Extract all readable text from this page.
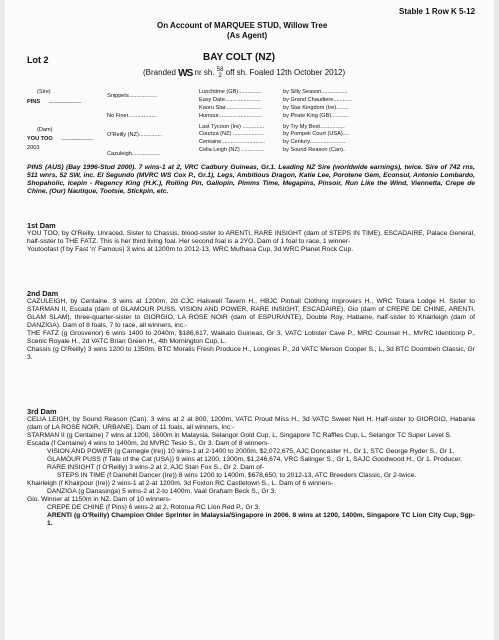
Stable 1 Row K 5-12
On Account of MARQUEE STUD, Willow Tree
(As Agent)
Lot 2	BAY COLT (NZ)
(Branded WS nr sh. 58
2 off sh. Foaled 12th October 2012)
(Sire)
PINS ..............................
(Dam)
YOU TOO ..............................
2003
Snippets..................
No Finer..................
O'Reilly (NZ)...............
Cazuleigh..................
Lunchtime (GB)...............
Easy Date.......................
Kaoru Star.......................
Humour............................
Last Tycoon (Ire) ..............
Courtza (NZ) ....................
Centaine............................
Celia Leigh (NZ) ...............
by Silly Season.................
by Grand Chaudiere............
by Star Kingdom (Ire)........
by Pirate King (GB)...........
by Try My Best................
by Pompeii Court (USA)....
by Century.......................
by Sound Reason (Can)..
PINS (AUS) (Bay 1996-Stud 2000). 7 wins-1 at 2, VRC Cadbury Guineas, Gr.1. Leading NZ Sire (worldwide earnings), twice. Sire of 742 rns, 511 wnrs, 52 SW, inc. El Segundo (MVRC WS Cox P., Gr.1), Legs, Ambitious Dragon, Katie Lee, Porotene Gem, Econsul, Antonio Lombardo, Shopaholic, Icepin - Regency King (H.K.), Rolling Pin, Gallopin, Pimms Time, Megapins, Pinsoir, Run Like the Wind, Viennetta, Crepe de Chine, (Our) Nautique, Tootsie, Stickpin, etc.
1st Dam
YOU TOO, by O'Reilly. Unraced. Sister to Chassis, blood-sister to ARENTI, RARE INSIGHT (dam of STEPS IN TIME), ESCADAIRE, Palace General, half-sister to THE FATZ. This is her third living foal. Her second foal is a 2YO. Dam of 1 foal to race, 1 winner-
Youtoofast (f by Fast 'n' Famous) 3 wins at 1200m to 2012-13, WRC Mufhasa Cup, 3d WRC Planet Rock Cup.
2nd Dam
CAZULEIGH, by Centaine. 3 wins at 1200m, 2d CJC Halswell Tavern H., HBJC Pinball Clothing Improvers H., WRC Totara Lodge H. Sister to STARMAN II, Escada (dam of GLAMOUR PUSS, VISION AND POWER, RARE INSIGHT, ESCADAIRE), Gio (dam of CREPE DE CHINE, ARENTI, GLAM SLAM), three-quarter-sister to GIORGIO, LA ROSE NOIR (dam of ESPURANTE), Double Roy, Habaine, half-sister to Khairleigh (dam of DANZIGA). Dam of 8 foals, 7 to race, all winners, inc:-
THE FATZ (g Grosvenor) 6 wins 1400 to 2040m, $186,617, Waikato Guineas, Gr 3, VATC Lobster Cave P., MRC Counsel H., MVRC Identicorp P., Scenic Royale H., 2d VATC Brian Green H., 4th Mornington Cup, L.
Chassis (g O'Reilly) 3 wins 1200 to 1350m, BTC Moralis Fresh Produce H., Longines P., 2d VATC Merson Cooper S., L, 3d BTC Doomben Classic, Gr 3.
3rd Dam
CELIA LEIGH, by Sound Reason (Can). 3 wins at 2 at 800, 1200m, VATC Proud Miss H., 3d VATC Sweet Nell H. Half-sister to GIORGIO, Habania (dam of LA ROSE NOIR, URBANE). Dam of 11 foals, all winners, inc:-
STARMAN II (g Centaine) 7 wins at 1200, 1600m in Malaysia, Selangor Gold Cup, L, Singapore TC Raffles Cup, L, Selangor TC Super Level S.
Escada (f Centaine) 4 wins to 1400m, 2d MVRC Tesio S., Gr 3. Dam of 8 winners-
VISION AND POWER (g Carnegie (Ire)) 10 wins-1 at 2-1400 to 2000m, $2,072,675, AJC Doncaster H., Gr 1, STC George Ryder S., Gr 1.
GLAMOUR PUSS (f Tale of the Cat (USA)) 9 wins at 1200, 1300m, $1,246,674, VRC Salinger S., Gr 1, SAJC Goodwood H., Gr 1. Producer.
RARE INSIGHT (f O'Reilly) 3 wins-2 at 2, AJC Stan Fox S., Gr 2. Dam of-
STEPS IN TIME (f Danehill Dancer (Ire)) 8 wins 1200 to 1400m, $678,650, to 2012-13, ATC Breeders Classic, Gr 2-twice.
Khairleigh (f Khairpour (Ire)) 2 wins-1 at 2-at 1200m, 3d Foxton RC Castletown S., L. Dam of 6 winners-
DANZIGA (g Danasinga) 5 wins-2 at 2-to 1400m, Vaal Graham Beck S., Gr 3.
Gio. Winner at 1150m in NZ. Dam of 10 winners-
CREPE DE CHINE (f Pins) 6 wins-2 at 2, Rotorua RC Lion Red P., Gr 3.
ARENTI (g O'Reilly) Champion Older Sprinter in Malaysia/Singapore in 2006. 8 wins at 1200, 1400m, Singapore TC Lion City Cup, Sgp-1.
